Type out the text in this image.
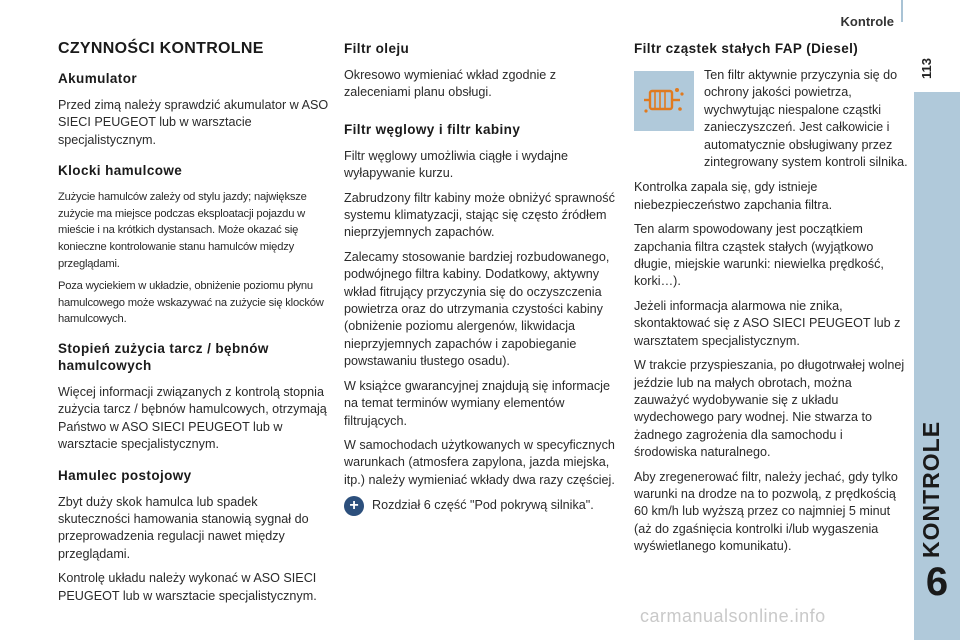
Kontrole
113
KONTROLE
6
CZYNNOŚCI KONTROLNE
Akumulator

Przed zimą należy sprawdzić akumulator w ASO SIECI PEUGEOT lub w warsztacie specjalistycznym.

Klocki hamulcowe

Zużycie hamulców zależy od stylu jazdy; największe zużycie ma miejsce podczas eksploatacji pojazdu w mieście i na krótkich dystansach. Może okazać się konieczne kontrolowanie stanu hamulców między przeglądami.

Poza wyciekiem w układzie, obniżenie poziomu płynu hamulcowego może wskazywać na zużycie się klocków hamulcowych.

Stopień zużycia tarcz / bębnów hamulcowych

Więcej informacji związanych z kontrolą stopnia zużycia tarcz / bębnów hamulcowych, otrzymają Państwo w ASO SIECI PEUGEOT lub w warsztacie specjalistycznym.

Hamulec postojowy

Zbyt duży skok hamulca lub spadek skuteczności hamowania stanowią sygnał do przeprowadzenia regulacji nawet między przeglądami.

Kontrolę układu należy wykonać w ASO SIECI PEUGEOT lub w warsztacie specjalistycznym.

Filtr oleju

Okresowo wymieniać wkład zgodnie z zaleceniami planu obsługi.

Filtr węglowy i filtr kabiny

Filtr węglowy umożliwia ciągłe i wydajne wyłapywanie kurzu.

Zabrudzony filtr kabiny może obniżyć sprawność systemu klimatyzacji, stając się często źródłem nieprzyjemnych zapachów.

Zalecamy stosowanie bardziej rozbudowanego, podwójnego filtra kabiny. Dodatkowy, aktywny wkład fitrujący przyczynia się do oczyszczenia powietrza oraz do utrzymania czystości kabiny (obniżenie poziomu alergenów, likwidacja nieprzyjemnych zapachów i zapobieganie powstawaniu tłustego osadu).

W książce gwarancyjnej znajdują się informacje na temat terminów wymiany elementów filtrujących.

W samochodach użytkowanych w specyficznych warunkach (atmosfera zapylona, jazda miejska, itp.) należy wymieniać wkłady dwa razy częściej.

+	Rozdział 6 część "Pod pokrywą silnika".

Filtr cząstek stałych FAP (Diesel)

Ten filtr aktywnie przyczynia się do ochrony jakości powietrza, wychwytując niespalone cząstki zanieczyszczeń. Jest całkowicie i automatycznie obsługiwany przez zintegrowany system kontroli silnika.

Kontrolka zapala się, gdy istnieje niebezpieczeństwo zapchania filtra.

Ten alarm spowodowany jest początkiem zapchania filtra cząstek stałych (wyjątkowo długie, miejskie warunki: niewielka prędkość, korki…).

Jeżeli informacja alarmowa nie znika, skontaktować się z ASO SIECI PEUGEOT lub z warsztatem specjalistycznym.

W trakcie przyspieszania, po długotrwałej wolnej jeździe lub na małych obrotach, można zauważyć wydobywanie się z układu wydechowego pary wodnej. Nie stwarza to żadnego zagrożenia dla samochodu i środowiska naturalnego.

Aby zregenerować filtr, należy jechać, gdy tylko warunki na drodze na to pozwolą, z prędkością 60 km/h lub wyższą przez co najmniej 5 minut (aż do zgaśnięcia kontrolki i/lub wygaszenia wyświetlanego komunikatu).

carmanualsonline.info
